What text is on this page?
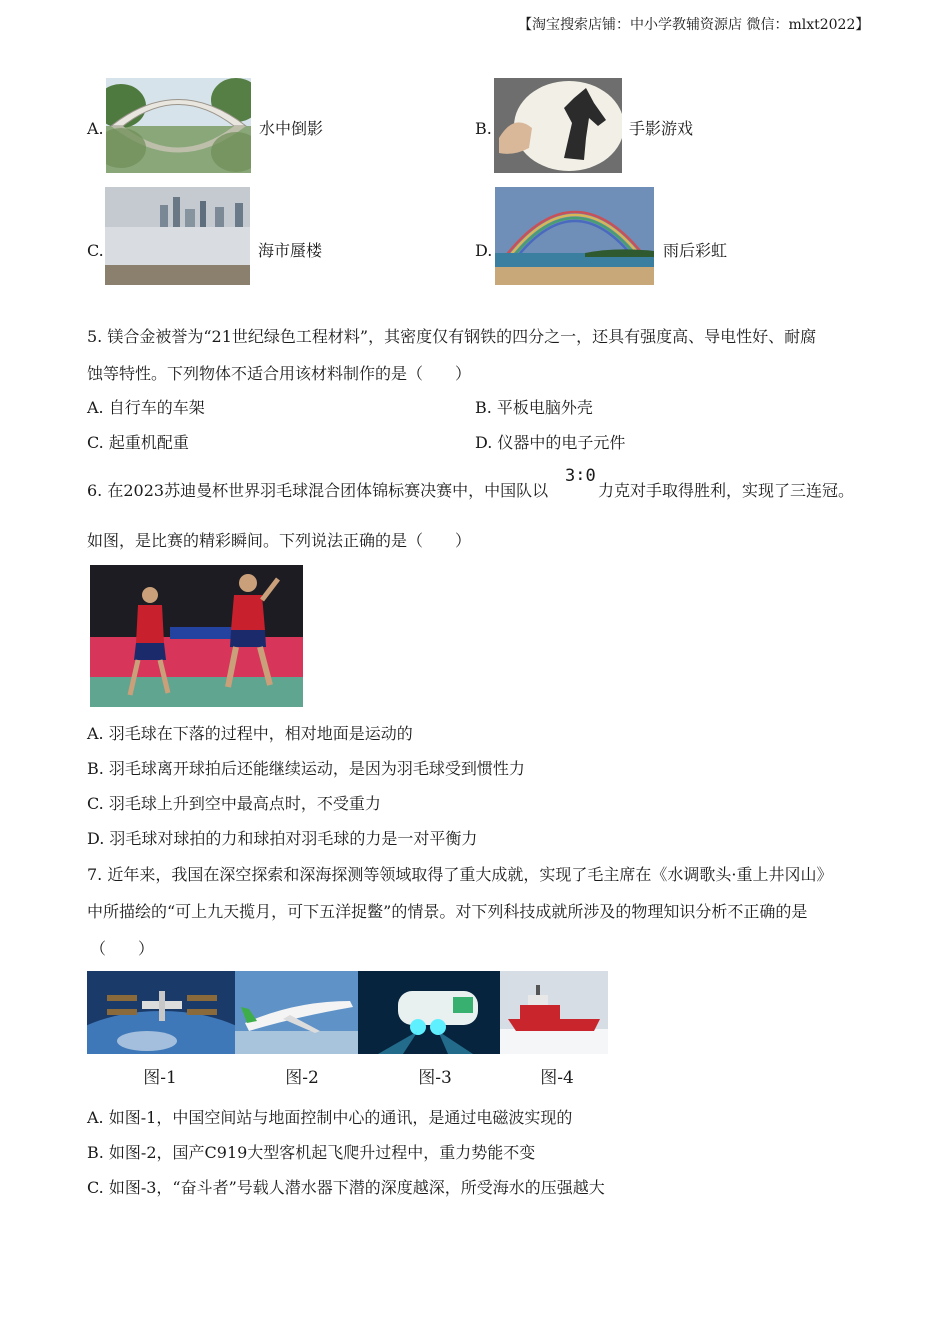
【淘宝搜索店铺：中小学教辅资源店 微信：mlxt2022】
A.	水中倒影	B.	手影游戏
C.	海市蜃楼	D.	雨后彩虹
5. 镁合金被誉为“21世纪绿色工程材料”，其密度仅有钢铁的四分之一，还具有强度高、导电性好、耐腐
蚀等特性。下列物体不适合用该材料制作的是（　　）
A. 自行车的车架	B. 平板电脑外壳
C. 起重机配重	D. 仪器中的电子元件
6. 在2023苏迪曼杯世界羽毛球混合团体锦标赛决赛中，中国队以
3∶0
力克对手取得胜利，实现了三连冠。
如图，是比赛的精彩瞬间。下列说法正确的是（　　）
A. 羽毛球在下落的过程中，相对地面是运动的
B. 羽毛球离开球拍后还能继续运动，是因为羽毛球受到惯性力
C. 羽毛球上升到空中最高点时，不受重力
D. 羽毛球对球拍的力和球拍对羽毛球的力是一对平衡力
7. 近年来，我国在深空探索和深海探测等领域取得了重大成就，实现了毛主席在《水调歌头·重上井冈山》
中所描绘的“可上九天揽月，可下五洋捉鳖”的情景。对下列科技成就所涉及的物理知识分析不正确的是
（　　）
图-1	图-2	图-3	图-4
A. 如图-1，中国空间站与地面控制中心的通讯，是通过电磁波实现的
B. 如图-2，国产C919大型客机起飞爬升过程中，重力势能不变
C. 如图-3，“奋斗者”号载人潜水器下潜的深度越深，所受海水的压强越大
